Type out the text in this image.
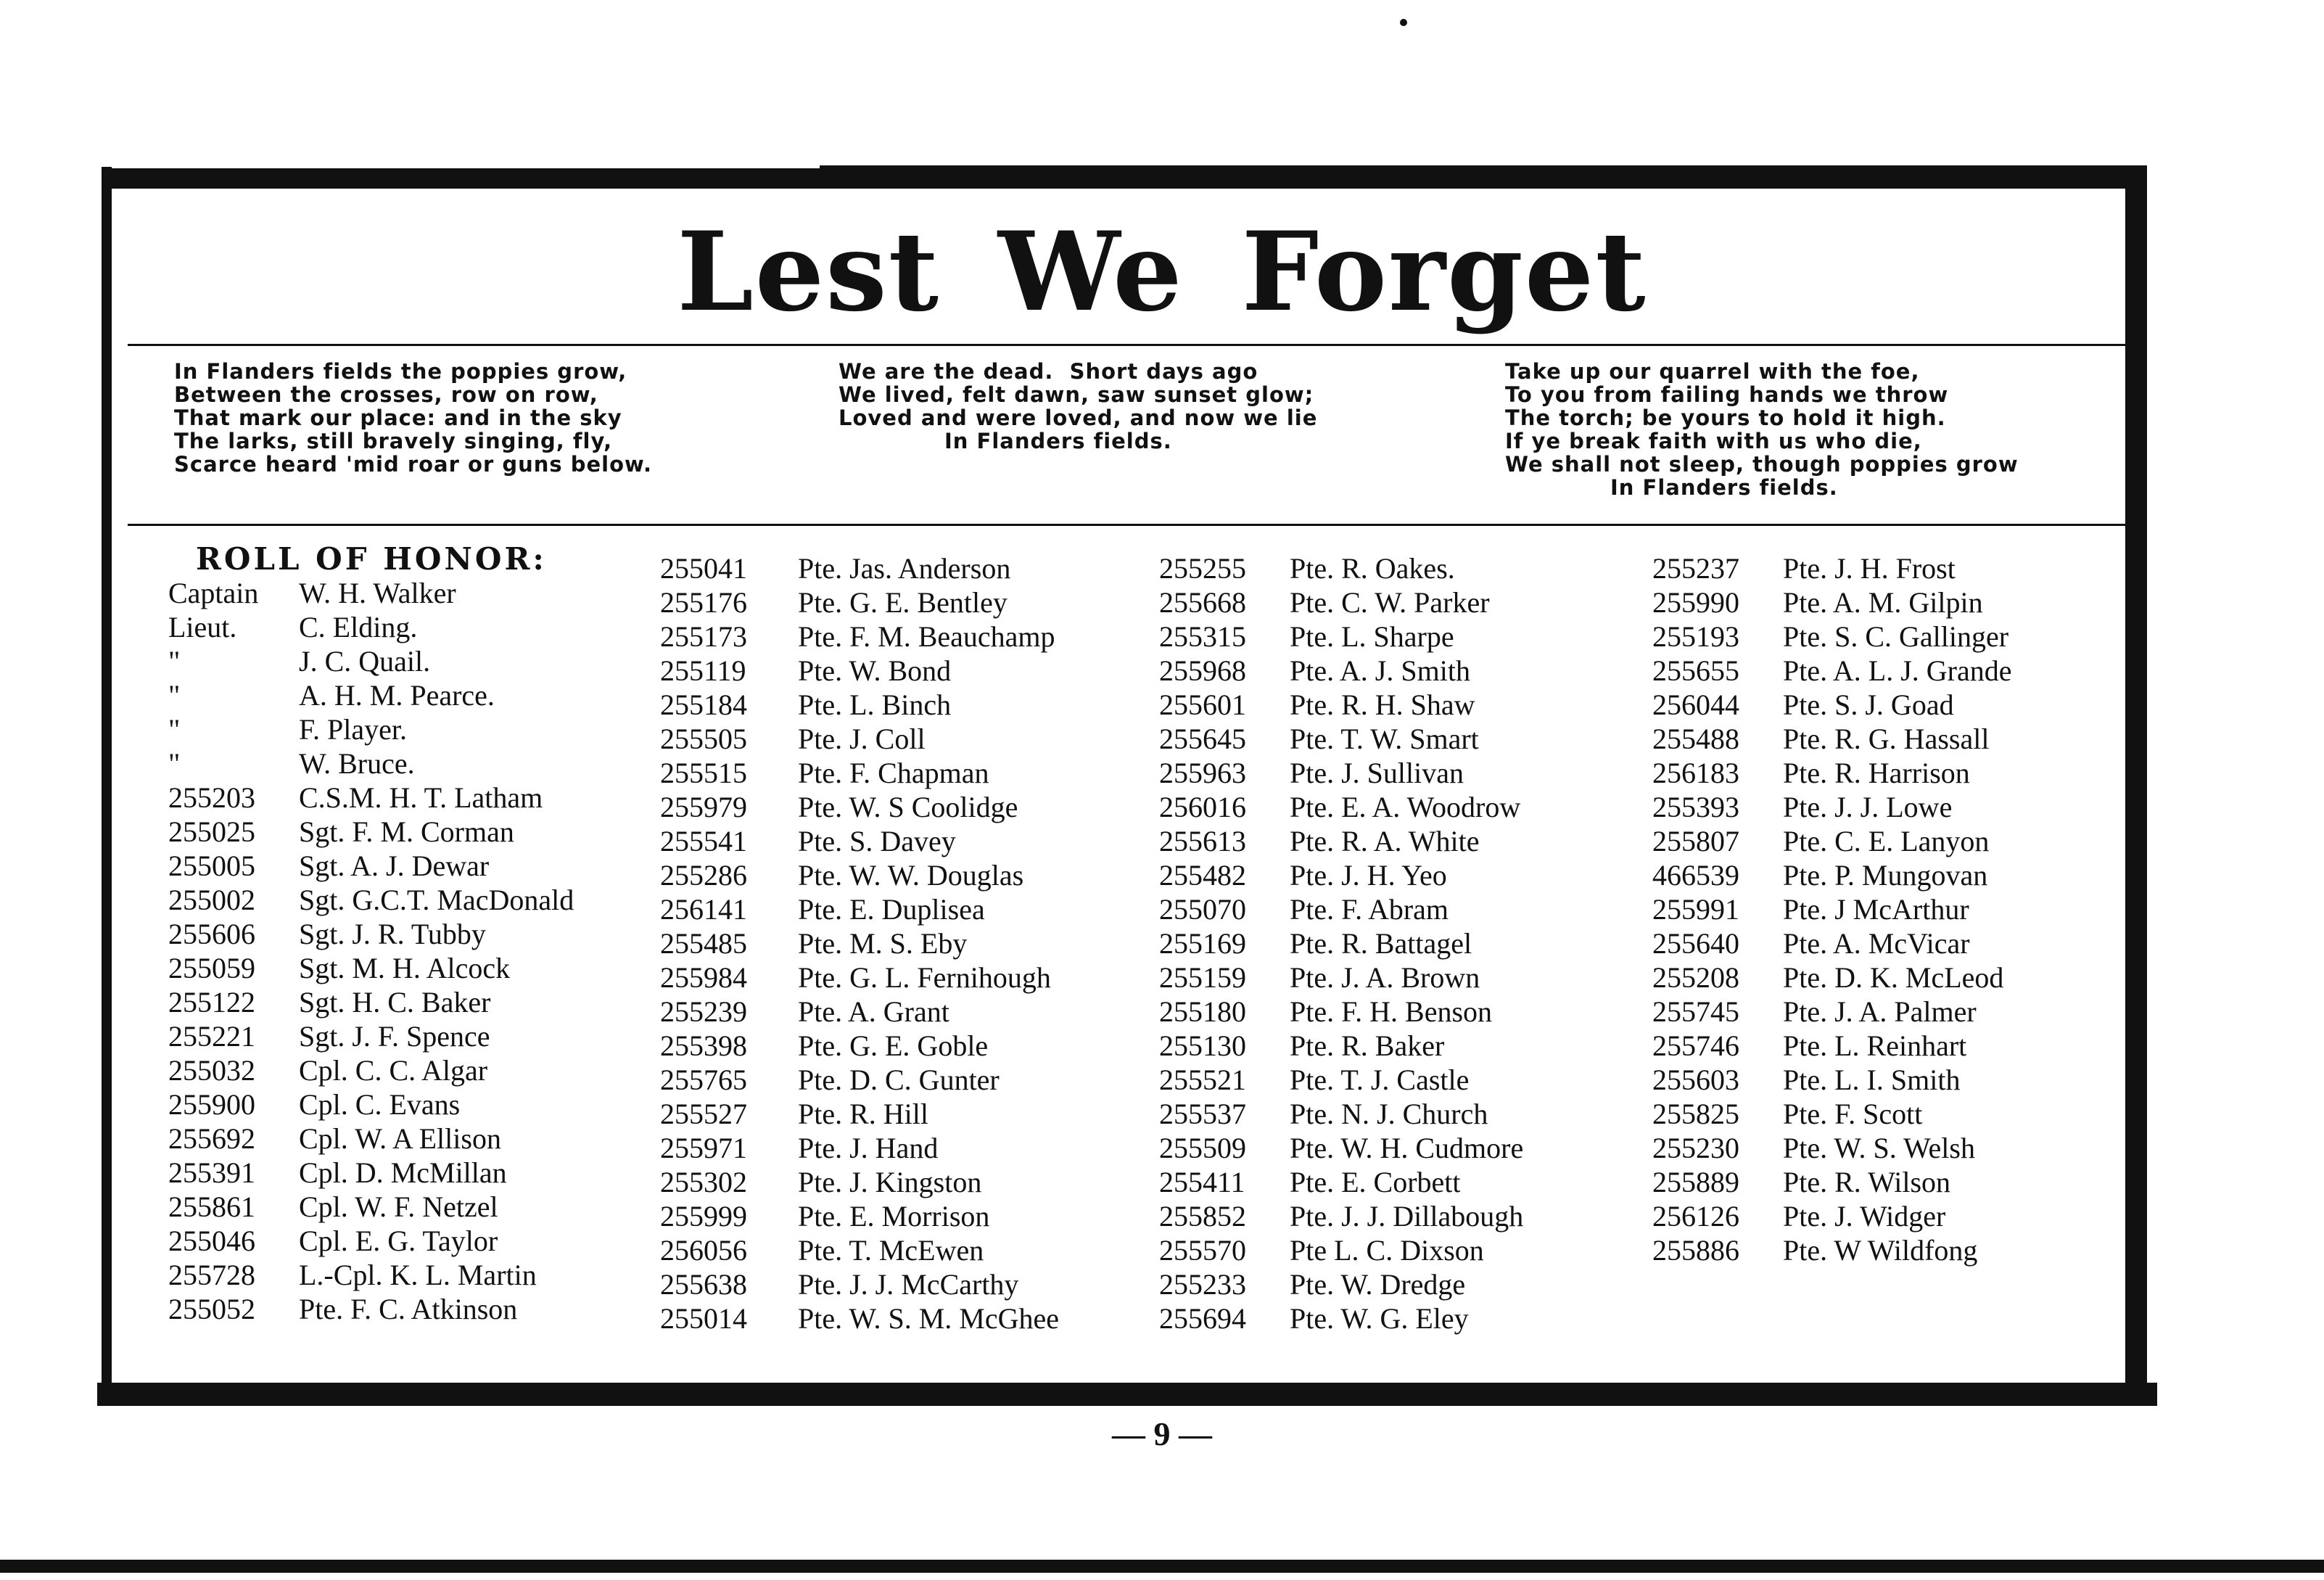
Lest We Forget
In Flanders fields the poppies grow,
Between the crosses, row on row,
That mark our place: and in the sky
The larks, still bravely singing, fly,
Scarce heard 'mid roar or guns below.
We are the dead.  Short days ago
We lived, felt dawn, saw sunset glow;
Loved and were loved, and now we lie
In Flanders fields.
Take up our quarrel with the foe,
To you from failing hands we throw
The torch; be yours to hold it high.
If ye break faith with us who die,
We shall not sleep, though poppies grow
In Flanders fields.
ROLL OF HONOR:
Captain W. H. Walker
Lieut. C. Elding.
"	J. C. Quail.
"	A. H. M. Pearce.
"	F. Player.
"	W. Bruce.
255203 C.S.M. H. T. Latham
255025 Sgt. F. M. Corman
255005 Sgt. A. J. Dewar
255002 Sgt. G.C.T. MacDonald
255606 Sgt. J. R. Tubby
255059 Sgt. M. H. Alcock
255122 Sgt. H. C. Baker
255221 Sgt. J. F. Spence
255032 Cpl. C. C. Algar
255900 Cpl. C. Evans
255692 Cpl. W. A Ellison
255391 Cpl. D. McMillan
255861 Cpl. W. F. Netzel
255046 Cpl. E. G. Taylor
255728 L.-Cpl. K. L. Martin
255052 Pte. F. C. Atkinson
255041 Pte. Jas. Anderson
255176 Pte. G. E. Bentley
255173 Pte. F. M. Beauchamp
255119 Pte. W. Bond
255184 Pte. L. Binch
255505 Pte. J. Coll
255515 Pte. F. Chapman
255979 Pte. W. S Coolidge
255541 Pte. S. Davey
255286 Pte. W. W. Douglas
256141 Pte. E. Duplisea
255485 Pte. M. S. Eby
255984 Pte. G. L. Fernihough
255239 Pte. A. Grant
255398 Pte. G. E. Goble
255765 Pte. D. C. Gunter
255527 Pte. R. Hill
255971 Pte. J. Hand
255302 Pte. J. Kingston
255999 Pte. E. Morrison
256056 Pte. T. McEwen
255638 Pte. J. J. McCarthy
255014 Pte. W. S. M. McGhee
255255 Pte. R. Oakes.
255668 Pte. C. W. Parker
255315 Pte. L. Sharpe
255968 Pte. A. J. Smith
255601 Pte. R. H. Shaw
255645 Pte. T. W. Smart
255963 Pte. J. Sullivan
256016 Pte. E. A. Woodrow
255613 Pte. R. A. White
255482 Pte. J. H. Yeo
255070 Pte. F. Abram
255169 Pte. R. Battagel
255159 Pte. J. A. Brown
255180 Pte. F. H. Benson
255130 Pte. R. Baker
255521 Pte. T. J. Castle
255537 Pte. N. J. Church
255509 Pte. W. H. Cudmore
255411 Pte. E. Corbett
255852 Pte. J. J. Dillabough
255570 Pte L. C. Dixson
255233 Pte. W. Dredge
255694 Pte. W. G. Eley
255237 Pte. J. H. Frost
255990 Pte. A. M. Gilpin
255193 Pte. S. C. Gallinger
255655 Pte. A. L. J. Grande
256044 Pte. S. J. Goad
255488 Pte. R. G. Hassall
256183 Pte. R. Harrison
255393 Pte. J. J. Lowe
255807 Pte. C. E. Lanyon
466539 Pte. P. Mungovan
255991 Pte. J McArthur
255640 Pte. A. McVicar
255208 Pte. D. K. McLeod
255745 Pte. J. A. Palmer
255746 Pte. L. Reinhart
255603 Pte. L. I. Smith
255825 Pte. F. Scott
255230 Pte. W. S. Welsh
255889 Pte. R. Wilson
256126 Pte. J. Widger
255886 Pte. W Wildfong
— 9 —
